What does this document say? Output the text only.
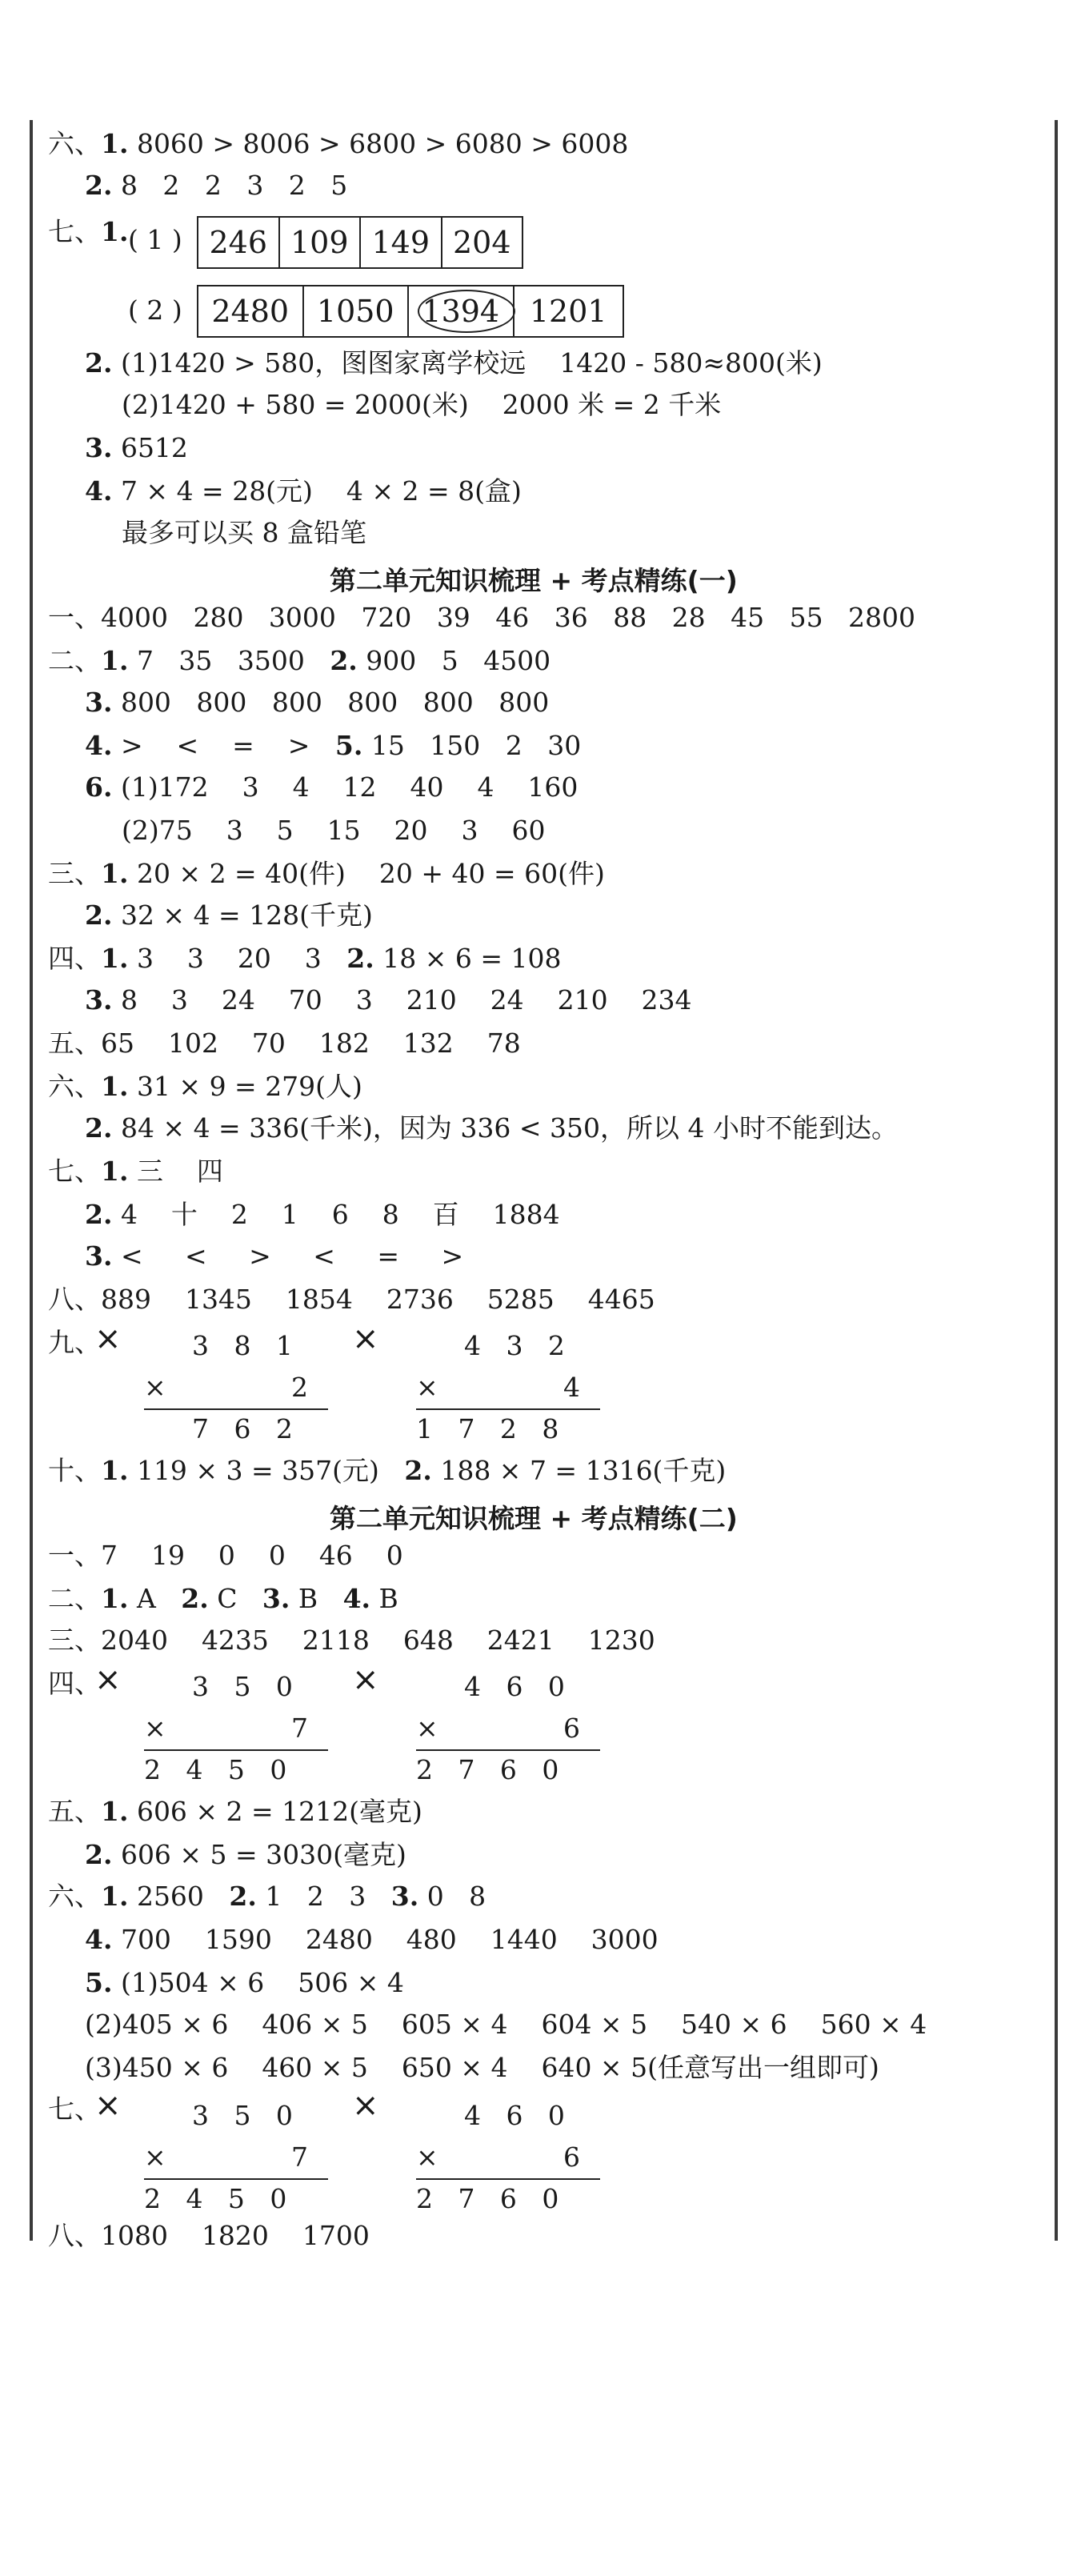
六、1. 8060 > 8006 > 6800 > 6080 > 6008
2. 8   2   2   3   2   5
七、1. ( 1 ) 246 109 149 204
( 2 ) 2480 1050 1394 1201
2. (1)1420 > 580，图图家离学校远    1420 - 580≈800(米)
(2)1420 + 580 = 2000(米)    2000 米 = 2 千米
3. 6512
4. 7 × 4 = 28(元)    4 × 2 = 8(盒)
最多可以买 8 盒铅笔
第二单元知识梳理 + 考点精练(一)
一、4000   280   3000   720   39   46   36   88   28   45   55   2800
二、1. 7   35   3500   2. 900   5   4500
3. 800   800   800   800   800   800
4. >    <    =    >   5. 15   150   2   30
6. (1)172    3    4    12    40    4    160
(2)75    3    5    15    20    3    60
三、1. 20 × 2 = 40(件)    20 + 40 = 60(件)
2. 32 × 4 = 128(千克)
四、1. 3    3    20    3   2. 18 × 6 = 108
3. 8    3    24    70    3    210    24    210    234
五、65    102    70    182    132    78
六、1. 31 × 9 = 279(人)
2. 84 × 4 = 336(千米)，因为 336 < 350，所以 4 小时不能到达。
七、1. 三    四
2. 4    十    2    1    6    8    百    1884
3. <     <     >     <     =     >
八、889    1345    1854    2736    5285    4465
九、
×	3   8   1
×	2
7   6   2
×	4   3   2
×	4
1   7   2   8
十、1. 119 × 3 = 357(元)   2. 188 × 7 = 1316(千克)
第二单元知识梳理 + 考点精练(二)
一、7    19    0    0    46    0
二、1. A   2. C   3. B   4. B
三、2040    4235    2118    648    2421    1230
四、
×	3   5   0
×	7
2   4   5   0
×	4   6   0
×	6
2   7   6   0
五、1. 606 × 2 = 1212(毫克)
2. 606 × 5 = 3030(毫克)
六、1. 2560   2. 1   2   3   3. 0   8
4. 700    1590    2480    480    1440    3000
5. (1)504 × 6    506 × 4
(2)405 × 6    406 × 5    605 × 4    604 × 5    540 × 6    560 × 4
(3)450 × 6    460 × 5    650 × 4    640 × 5(任意写出一组即可)
七、
×	3   5   0
×	7
2   4   5   0
×	4   6   0
×	6
2   7   6   0
八、1080    1820    1700
